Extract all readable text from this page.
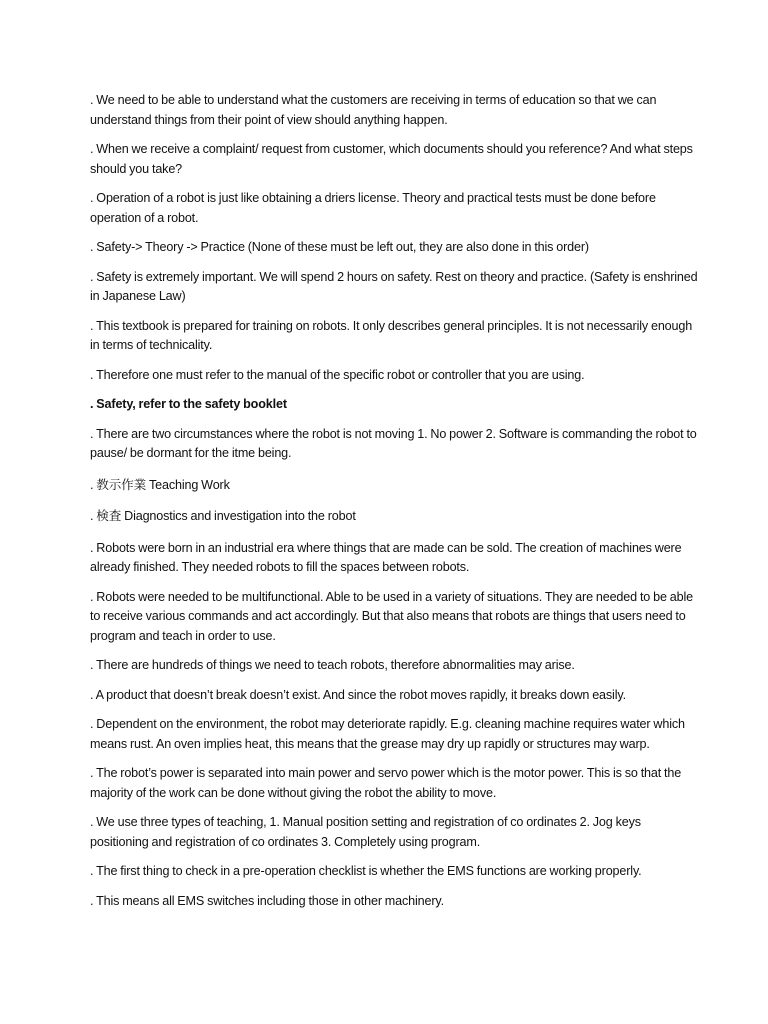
. We need to be able to understand what the customers are receiving in terms of education so that we can understand things from their point of view should anything happen.

. When we receive a complaint/ request from customer, which documents should you reference? And what steps should you take?

. Operation of a robot is just like obtaining a driers license. Theory and practical tests must be done before operation of a robot.

. Safety-> Theory -> Practice (None of these must be left out, they are also done in this order)

. Safety is extremely important. We will spend 2 hours on safety. Rest on theory and practice. (Safety is enshrined in Japanese Law)

. This textbook is prepared for training on robots. It only describes general principles. It is not necessarily enough in terms of technicality.

. Therefore one must refer to the manual of the specific robot or controller that you are using.

. Safety, refer to the safety booklet

. There are two circumstances where the robot is not moving 1. No power 2. Software is commanding the robot to pause/ be dormant for the itme being.

. 教示作業 Teaching Work

. 検査 Diagnostics and investigation into the robot

. Robots were born in an industrial era where things that are made can be sold. The creation of machines were already finished. They needed robots to fill the spaces between robots.

. Robots were needed to be multifunctional. Able to be used in a variety of situations. They are needed to be able to receive various commands and act accordingly. But that also means that robots are things that users need to program and teach in order to use.

. There are hundreds of things we need to teach robots, therefore abnormalities may arise.

. A product that doesn’t break doesn’t exist. And since the robot moves rapidly, it breaks down easily.

. Dependent on the environment, the robot may deteriorate rapidly. E.g. cleaning machine requires water which means rust. An oven implies heat, this means that the grease may dry up rapidly or structures may warp.

. The robot’s power is separated into main power and servo power which is the motor power. This is so that the majority of the work can be done without giving the robot the ability to move.

. We use three types of teaching, 1. Manual position setting and registration of co ordinates 2. Jog keys positioning and registration of co ordinates 3. Completely using program.

. The first thing to check in a pre-operation checklist is whether the EMS functions are working properly.

. This means all EMS switches including those in other machinery.
